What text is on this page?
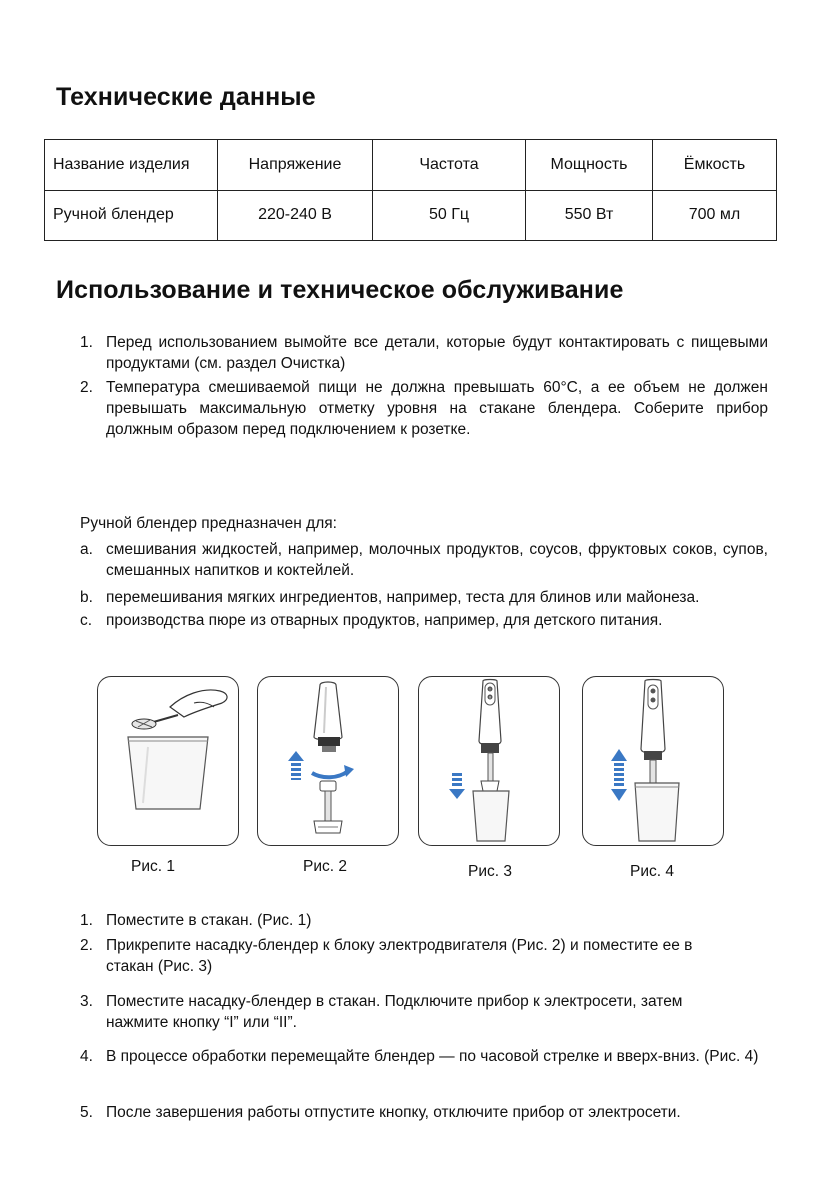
Технические данные
Название изделия	Напряжение	Частота	Мощность	Ёмкость
Ручной блендер	220-240 В	50 Гц	550 Вт	700 мл
Использование и техническое обслуживание
1. Перед использованием вымойте все детали, которые будут контактировать с пищевыми продуктами (см. раздел Очистка)
2. Температура смешиваемой пищи не должна превышать 60°С, а ее объем не должен превышать максимальную отметку уровня на стакане блендера. Соберите прибор должным образом перед подключением к розетке.
Ручной блендер предназначен для:
a. смешивания жидкостей, например, молочных продуктов, соусов, фруктовых соков, супов, смешанных напитков и коктейлей.
b. перемешивания мягких ингредиентов, например, теста для блинов или майонеза.
c. производства пюре из отварных продуктов, например, для детского питания.
I
II
Рис. 1	Рис. 2	Рис. 3	Рис. 4
1. Поместите в стакан. (Рис. 1)
2. Прикрепите насадку-блендер к блоку электродвигателя (Рис. 2) и поместите ее в стакан (Рис. 3)
3. Поместите насадку-блендер в стакан. Подключите прибор к электросети, затем нажмите кнопку “I” или “II”.
4. В процессе обработки перемещайте блендер — по часовой стрелке и вверх-вниз. (Рис. 4)
5. После завершения работы отпустите кнопку, отключите прибор от электросети.
